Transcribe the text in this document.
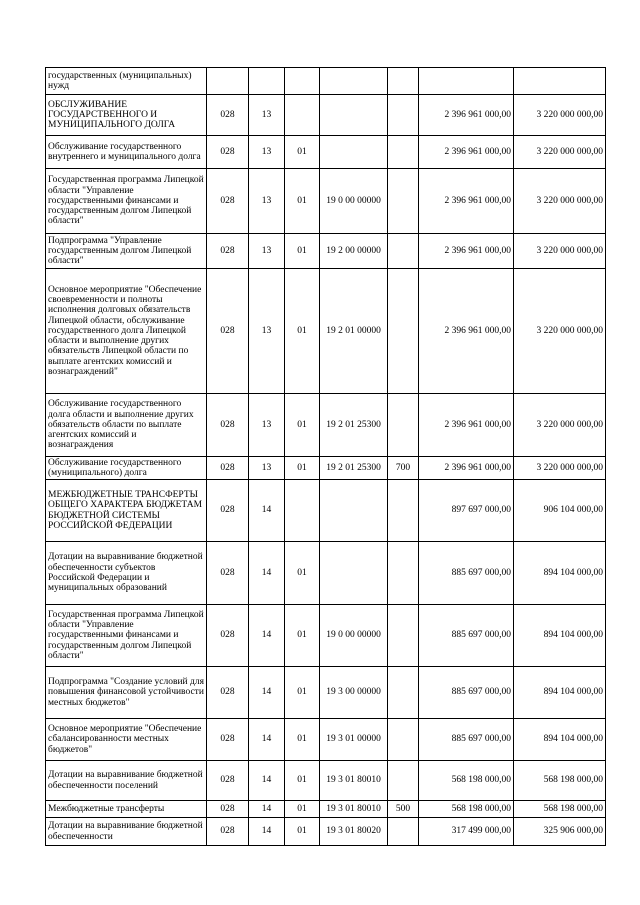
государственных (муниципальных) нужд							
ОБСЛУЖИВАНИЕ ГОСУДАРСТВЕННОГО И МУНИЦИПАЛЬНОГО ДОЛГА	028	13				2 396 961 000,00	3 220 000 000,00
Обслуживание государственного внутреннего и муниципального долга	028	13	01			2 396 961 000,00	3 220 000 000,00
Государственная программа Липецкой области "Управление государственными финансами и государственным долгом Липецкой области"	028	13	01	19 0 00 00000		2 396 961 000,00	3 220 000 000,00
Подпрограмма "Управление государственным долгом Липецкой области"	028	13	01	19 2 00 00000		2 396 961 000,00	3 220 000 000,00
Основное мероприятие "Обеспечение своевременности и полноты исполнения долговых обязательств Липецкой области, обслуживание государственного долга Липецкой области и выполнение других обязательств Липецкой области по выплате агентских комиссий и вознаграждений"	028	13	01	19 2 01 00000		2 396 961 000,00	3 220 000 000,00
Обслуживание государственного долга области и выполнение других обязательств области по выплате агентских комиссий и вознаграждения	028	13	01	19 2 01 25300		2 396 961 000,00	3 220 000 000,00
Обслуживание государственного (муниципального) долга	028	13	01	19 2 01 25300	700	2 396 961 000,00	3 220 000 000,00
МЕЖБЮДЖЕТНЫЕ ТРАНСФЕРТЫ ОБЩЕГО ХАРАКТЕРА БЮДЖЕТАМ БЮДЖЕТНОЙ СИСТЕМЫ РОССИЙСКОЙ ФЕДЕРАЦИИ	028	14				897 697 000,00	906 104 000,00
Дотации на выравнивание бюджетной обеспеченности субъектов Российской Федерации и муниципальных образований	028	14	01			885 697 000,00	894 104 000,00
Государственная программа Липецкой области "Управление государственными финансами и государственным долгом Липецкой области"	028	14	01	19 0 00 00000		885 697 000,00	894 104 000,00
Подпрограмма "Создание условий для повышения финансовой устойчивости местных бюджетов"	028	14	01	19 3 00 00000		885 697 000,00	894 104 000,00
Основное мероприятие "Обеспечение сбалансированности местных бюджетов"	028	14	01	19 3 01 00000		885 697 000,00	894 104 000,00
Дотации на выравнивание бюджетной обеспеченности поселений	028	14	01	19 3 01 80010		568 198 000,00	568 198 000,00
Межбюджетные трансферты	028	14	01	19 3 01 80010	500	568 198 000,00	568 198 000,00
Дотации на выравнивание бюджетной обеспеченности	028	14	01	19 3 01 80020		317 499 000,00	325 906 000,00
